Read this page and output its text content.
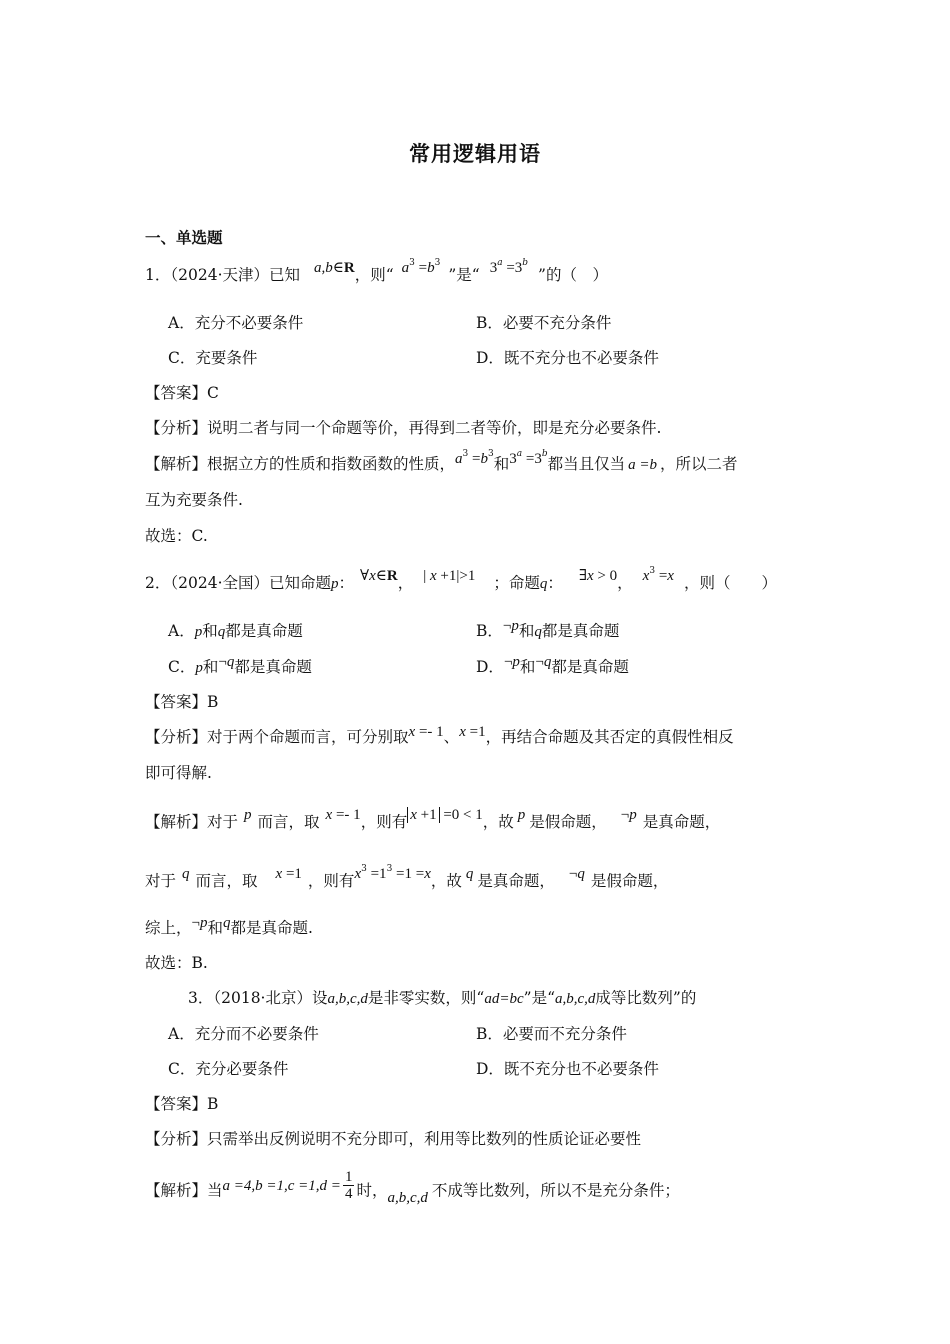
常用逻辑用语
一、单选题
1．（2024·天津）已知 a,b∈R，则“ $a^3 =b^3$”是“ $3^a =3^b$”的（　）
A．充分不必要条件	B．必要不充分条件
C．充要条件	D．既不充分也不必要条件
【答案】C
【分析】说明二者与同一个命题等价，再得到二者等价，即是充分必要条件.
【解析】根据立方的性质和指数函数的性质，$a^3 =b^3$和$3^a =3^b$都当且仅当 a =b ，所以二者
互为充要条件.
故选：C.
2．（2024·全国）已知命题p： ∀x∈R， | x +1|>1 ；命题q： ∃x > 0， $x^3 =x$ ，则（　　）
A．p和q都是真命题	B．¬p和q都是真命题
C．p和¬q都是真命题	D．¬p和¬q都是真命题
【答案】B
【分析】对于两个命题而言，可分别取x =- 1、x =1，再结合命题及其否定的真假性相反
即可得解.
【解析】对于 p 而言，取 x =- 1，则有 x +1 =0 < 1，故 p 是假命题， ¬p 是真命题，
对于 q 而言，取 x =1 ，则有$x^3 =1^3 =1 =x$，故 q 是真命题， ¬q 是假命题，
综上，¬p和q都是真命题.
故选：B.
3．（2018·北京）设a,b,c,d是非零实数，则“ad=bc”是“a,b,c,d成等比数列”的
A．充分而不必要条件	B．必要而不充分条件
C．充分必要条件	D．既不充分也不必要条件
【答案】B
【分析】只需举出反例说明不充分即可，利用等比数列的性质论证必要性
【解析】当$a =4,b =1,c =1,d = \frac{1}{4}$ 时，a,b,c,d 不成等比数列，所以不是充分条件；
